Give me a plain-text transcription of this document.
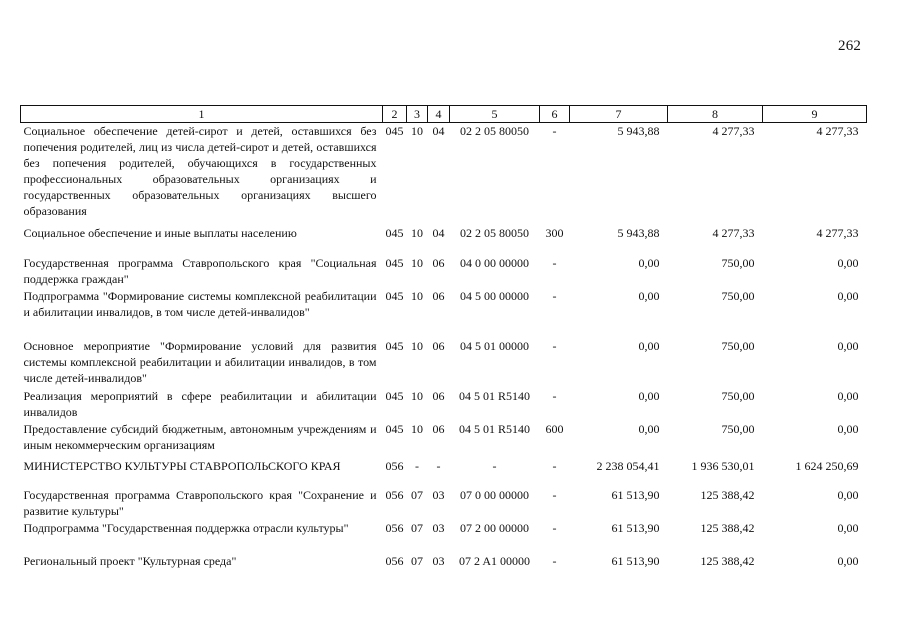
262
1	2	3	4	5	6	7	8	9
Социальное обеспечение детей-сирот и детей, оставшихся без попечения родителей, лиц из числа детей-сирот и детей, оставшихся без попечения родителей, обучающихся в государственных профессиональных образовательных организациях и государственных образовательных организациях высшего образования	045	10	04	02 2 05 80050	-	5 943,88	4 277,33	4 277,33
Социальное обеспечение и иные выплаты населению	045	10	04	02 2 05 80050	300	5 943,88	4 277,33	4 277,33
Государственная программа Ставропольского края "Социальная поддержка граждан"	045	10	06	04 0 00 00000	-	0,00	750,00	0,00
Подпрограмма "Формирование системы комплексной реабилитации и абилитации инвалидов, в том числе детей-инвалидов"	045	10	06	04 5 00 00000	-	0,00	750,00	0,00
Основное мероприятие "Формирование условий для развития системы комплексной реабилитации и абилитации инвалидов, в том числе детей-инвалидов"	045	10	06	04 5 01 00000	-	0,00	750,00	0,00
Реализация мероприятий в сфере реабилитации и абилитации инвалидов	045	10	06	04 5 01 R5140	-	0,00	750,00	0,00
Предоставление субсидий бюджетным, автономным учреждениям и иным некоммерческим организациям	045	10	06	04 5 01 R5140	600	0,00	750,00	0,00
МИНИСТЕРСТВО КУЛЬТУРЫ СТАВРОПОЛЬСКОГО КРАЯ	056	-	-	-	-	2 238 054,41	1 936 530,01	1 624 250,69
Государственная программа Ставропольского края "Сохранение и развитие культуры"	056	07	03	07 0 00 00000	-	61 513,90	125 388,42	0,00
Подпрограмма "Государственная поддержка отрасли культуры"	056	07	03	07 2 00 00000	-	61 513,90	125 388,42	0,00
Региональный проект "Культурная среда"	056	07	03	07 2 A1 00000	-	61 513,90	125 388,42	0,00
